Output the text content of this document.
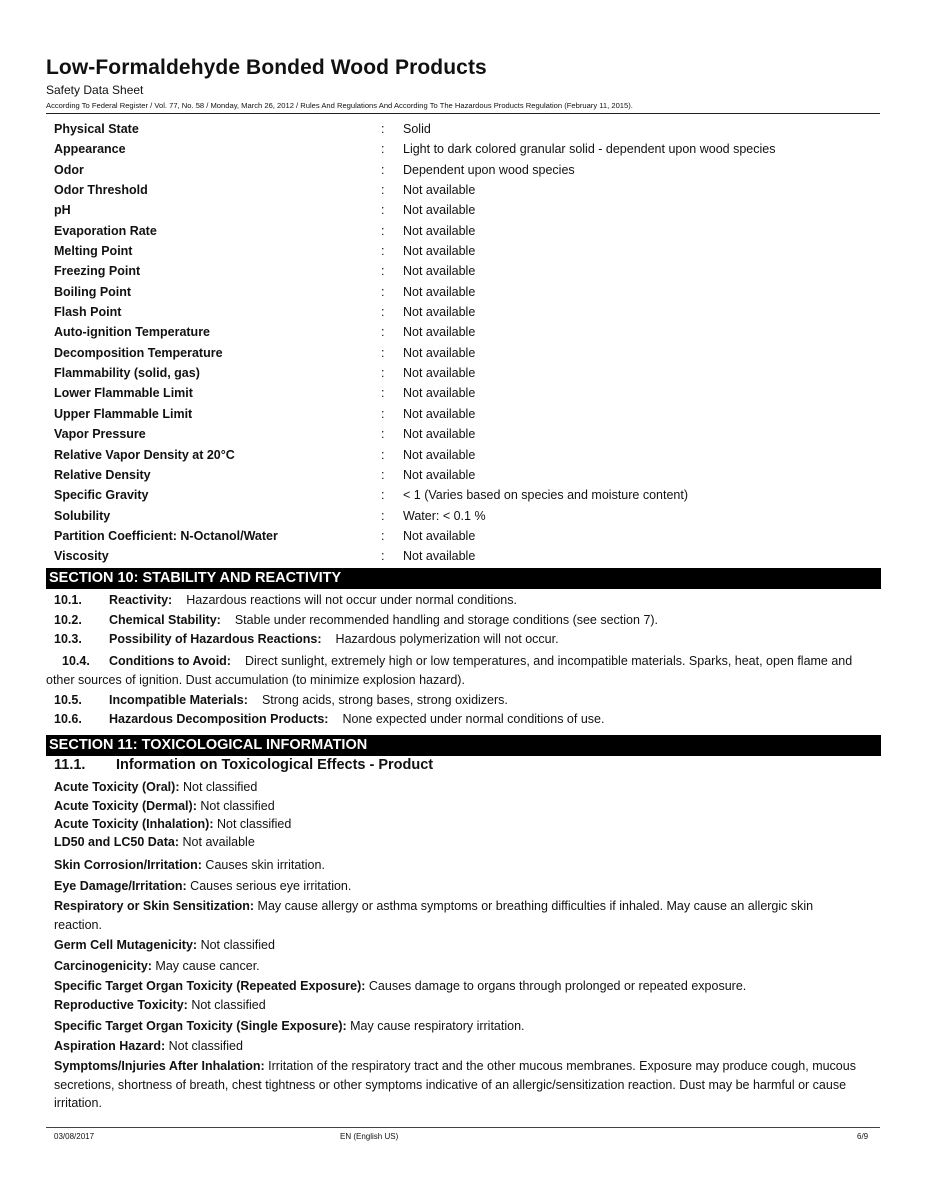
Low-Formaldehyde Bonded Wood Products
Safety Data Sheet
According To Federal Register / Vol. 77, No. 58 / Monday, March 26, 2012 / Rules And Regulations And According To The Hazardous Products Regulation (February 11, 2015).
Physical State	: Solid
Appearance	: Light to dark colored granular solid - dependent upon wood species
Odor	: Dependent upon wood species
Odor Threshold	: Not available
pH	: Not available
Evaporation Rate	: Not available
Melting Point	: Not available
Freezing Point	: Not available
Boiling Point	: Not available
Flash Point	: Not available
Auto-ignition Temperature	: Not available
Decomposition Temperature	: Not available
Flammability (solid, gas)	: Not available
Lower Flammable Limit	: Not available
Upper Flammable Limit	: Not available
Vapor Pressure	: Not available
Relative Vapor Density at 20°C	: Not available
Relative Density	: Not available
Specific Gravity	: < 1 (Varies based on species and moisture content)
Solubility	: Water: < 0.1 %
Partition Coefficient: N-Octanol/Water	: Not available
Viscosity	: Not available
SECTION 10: STABILITY AND REACTIVITY
10.1. Reactivity: Hazardous reactions will not occur under normal conditions.
10.2. Chemical Stability: Stable under recommended handling and storage conditions (see section 7).
10.3. Possibility of Hazardous Reactions: Hazardous polymerization will not occur.
10.4. Conditions to Avoid: Direct sunlight, extremely high or low temperatures, and incompatible materials. Sparks, heat, open flame and other sources of ignition. Dust accumulation (to minimize explosion hazard).
10.5. Incompatible Materials: Strong acids, strong bases, strong oxidizers.
10.6. Hazardous Decomposition Products: None expected under normal conditions of use.
SECTION 11: TOXICOLOGICAL INFORMATION
11.1. Information on Toxicological Effects - Product
Acute Toxicity (Oral): Not classified
Acute Toxicity (Dermal): Not classified
Acute Toxicity (Inhalation): Not classified
LD50 and LC50 Data: Not available
Skin Corrosion/Irritation: Causes skin irritation.
Eye Damage/Irritation: Causes serious eye irritation.
Respiratory or Skin Sensitization: May cause allergy or asthma symptoms or breathing difficulties if inhaled. May cause an allergic skin reaction.
Germ Cell Mutagenicity: Not classified
Carcinogenicity: May cause cancer.
Specific Target Organ Toxicity (Repeated Exposure): Causes damage to organs through prolonged or repeated exposure.
Reproductive Toxicity: Not classified
Specific Target Organ Toxicity (Single Exposure): May cause respiratory irritation.
Aspiration Hazard: Not classified
Symptoms/Injuries After Inhalation: Irritation of the respiratory tract and the other mucous membranes. Exposure may produce cough, mucous secretions, shortness of breath, chest tightness or other symptoms indicative of an allergic/sensitization reaction. Dust may be harmful or cause irritation.
03/08/2017	EN (English US)	6/9
